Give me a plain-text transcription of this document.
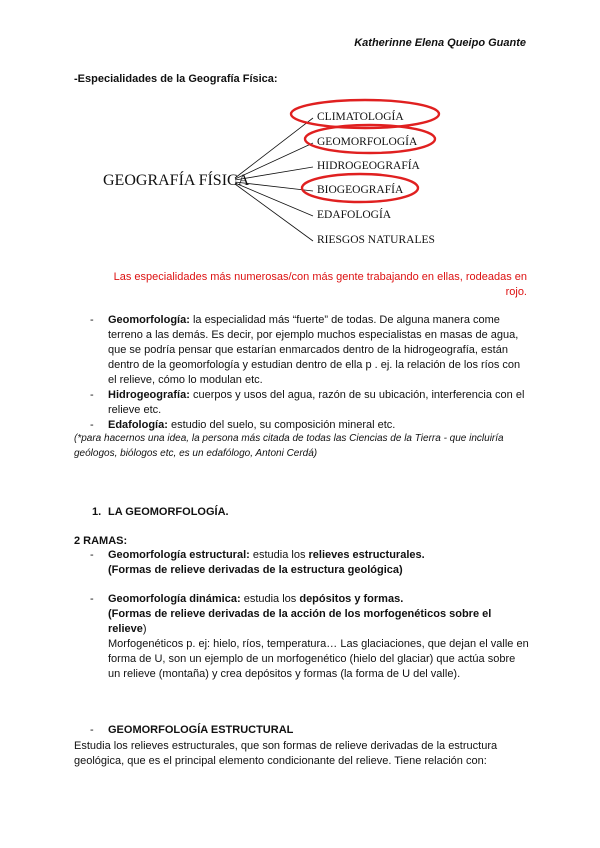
Katherinne Elena Queipo Guante
-Especialidades de la Geografía Física:
GEOGRAFÍA FÍSICA
CLIMATOLOGÍA
GEOMORFOLOGÍA
HIDROGEOGRAFÍA
BIOGEOGRAFÍA
EDAFOLOGÍA
RIESGOS NATURALES
Las especialidades más numerosas/con más gente trabajando en ellas, rodeadas en rojo.
- Geomorfología: la especialidad más “fuerte” de todas. De alguna manera come terreno a las demás. Es decir, por ejemplo muchos especialistas en masas de agua, que se podría pensar que estarían enmarcados dentro de la hidrogeografía, están dentro de la geomorfología y estudian dentro de ella p . ej. la relación de los ríos con el relieve, cómo lo modulan etc.
- Hidrogeografía: cuerpos y usos del agua, razón de su ubicación, interferencia con el relieve etc.
- Edafología: estudio del suelo, su composición mineral etc.
(*para hacernos una idea, la persona más citada de todas las Ciencias de la Tierra - que incluiría geólogos, biólogos etc, es un edafólogo, Antoni Cerdá)
1. LA GEOMORFOLOGÍA.
2 RAMAS:
- Geomorfología estructural: estudia los relieves estructurales.
(Formas de relieve derivadas de la estructura geológica)
- Geomorfología dinámica: estudia los depósitos y formas.
(Formas de relieve derivadas de la acción de los morfogenéticos sobre el relieve)
Morfogenéticos p. ej: hielo, ríos, temperatura… Las glaciaciones, que dejan el valle en forma de U, son un ejemplo de un morfogenético (hielo del glaciar) que actúa sobre un relieve (montaña) y crea depósitos y formas (la forma de U del valle).
- GEOMORFOLOGÍA ESTRUCTURAL
Estudia los relieves estructurales, que son formas de relieve derivadas de la estructura geológica, que es el principal elemento condicionante del relieve. Tiene relación con:
